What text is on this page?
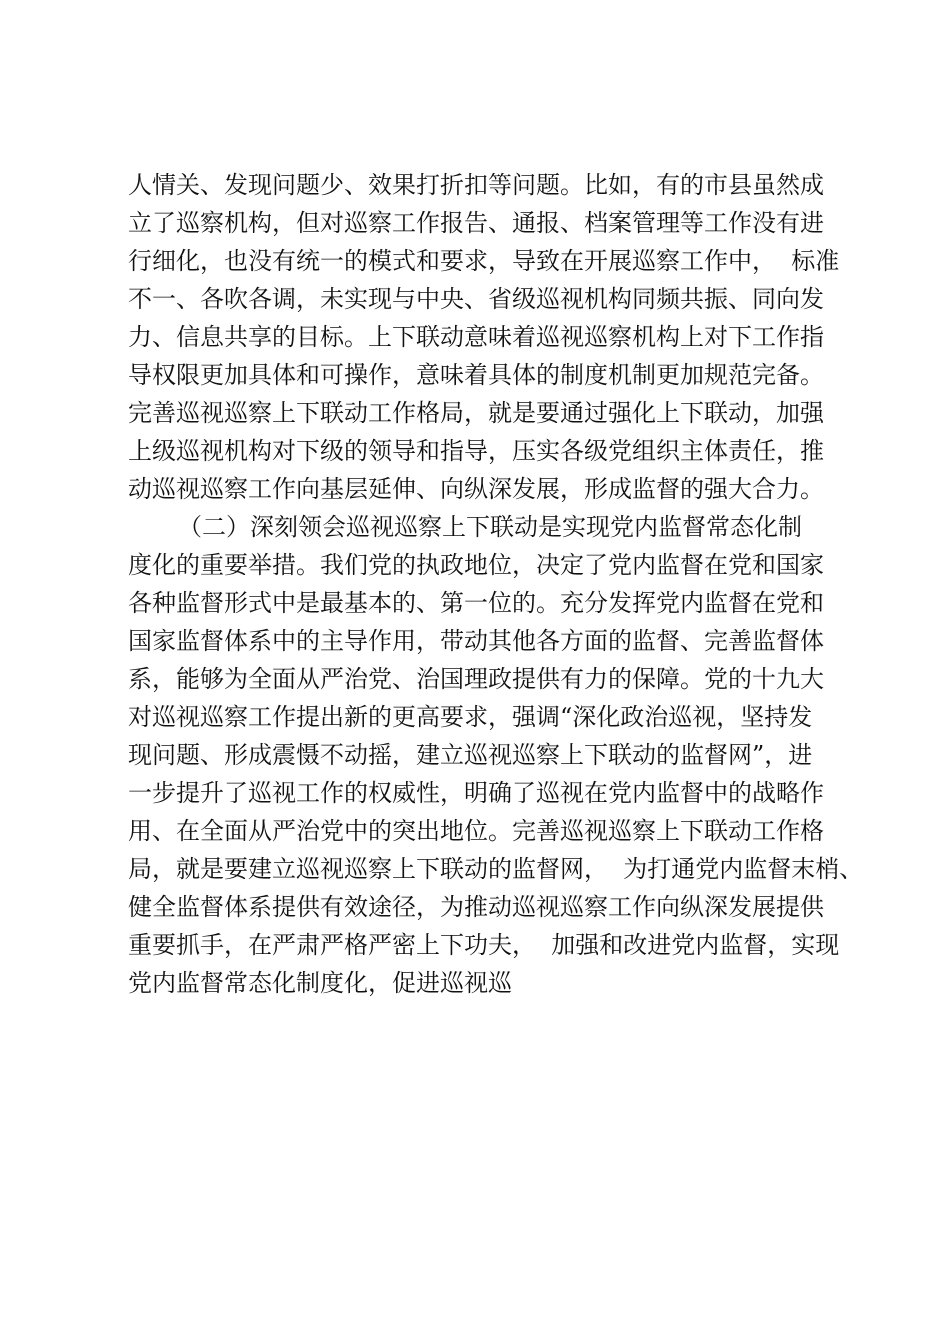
人情关、发现问题少、效果打折扣等问题。比如，有的市县虽然成
立了巡察机构，但对巡察工作报告、通报、档案管理等工作没有进
行细化，也没有统一的模式和要求，导致在开展巡察工作中，  标准
不一、各吹各调，未实现与中央、省级巡视机构同频共振、同向发
力、信息共享的目标。上下联动意味着巡视巡察机构上对下工作指
导权限更加具体和可操作，意味着具体的制度机制更加规范完备。
完善巡视巡察上下联动工作格局，就是要通过强化上下联动，加强
上级巡视机构对下级的领导和指导，压实各级党组织主体责任，推
动巡视巡察工作向基层延伸、向纵深发展，形成监督的强大合力。
（二）深刻领会巡视巡察上下联动是实现党内监督常态化制
度化的重要举措。我们党的执政地位，决定了党内监督在党和国家
各种监督形式中是最基本的、第一位的。充分发挥党内监督在党和
国家监督体系中的主导作用，带动其他各方面的监督、完善监督体
系，能够为全面从严治党、治国理政提供有力的保障。党的十九大
对巡视巡察工作提出新的更高要求，强调“深化政治巡视，坚持发
现问题、形成震慑不动摇，建立巡视巡察上下联动的监督网”，进
一步提升了巡视工作的权威性，明确了巡视在党内监督中的战略作
用、在全面从严治党中的突出地位。完善巡视巡察上下联动工作格
局，就是要建立巡视巡察上下联动的监督网，  为打通党内监督末梢、
健全监督体系提供有效途径，为推动巡视巡察工作向纵深发展提供
重要抓手，在严肃严格严密上下功夫，  加强和改进党内监督，实现
党内监督常态化制度化，促进巡视巡
